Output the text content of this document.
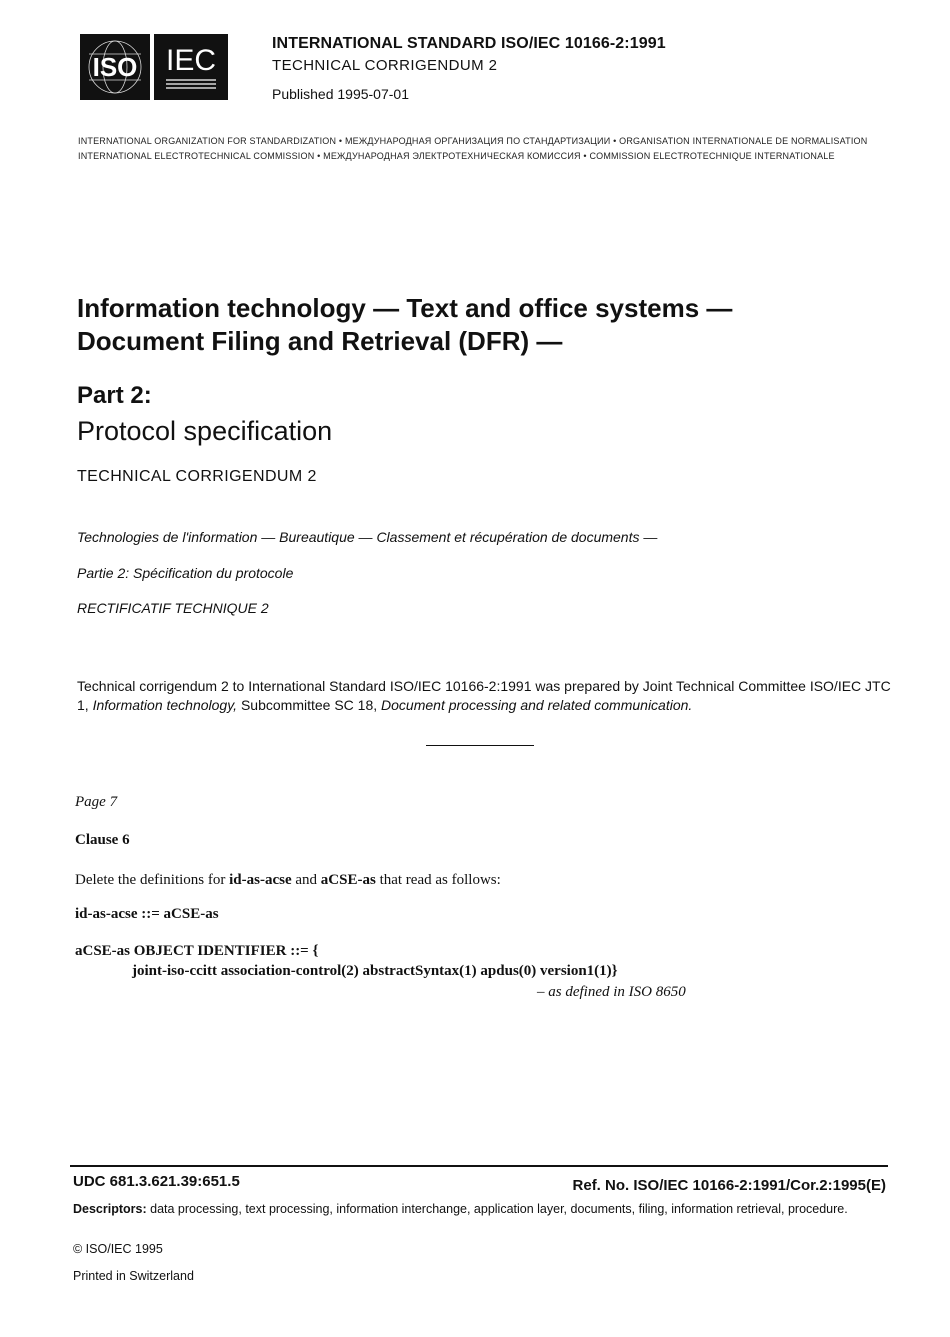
ISO IEC
INTERNATIONAL STANDARD ISO/IEC 10166-2:1991
TECHNICAL CORRIGENDUM 2
Published 1995-07-01
INTERNATIONAL ORGANIZATION FOR STANDARDIZATION • МЕЖДУНАРОДНАЯ ОРГАНИЗАЦИЯ ПО СТАНДАРТИЗАЦИИ • ORGANISATION INTERNATIONALE DE NORMALISATION
INTERNATIONAL ELECTROTECHNICAL COMMISSION • МЕЖДУНАРОДНАЯ ЭЛЕКТРОТЕХНИЧЕСКАЯ КОМИССИЯ • COMMISSION ELECTROTECHNIQUE INTERNATIONALE
Information technology — Text and office systems —
Document Filing and Retrieval (DFR) —
Part 2:
Protocol specification
TECHNICAL CORRIGENDUM 2
Technologies de l'information — Bureautique — Classement et récupération de documents —
Partie 2: Spécification du protocole
RECTIFICATIF TECHNIQUE 2
Technical corrigendum 2 to International Standard ISO/IEC 10166-2:1991 was prepared by Joint Technical Committee ISO/IEC JTC 1, Information technology, Subcommittee SC 18, Document processing and related communication.
Page 7
Clause 6
Delete the definitions for id-as-acse and aCSE-as that read as follows:
id-as-acse ::= aCSE-as
aCSE-as OBJECT IDENTIFIER ::= {
joint-iso-ccitt association-control(2) abstractSyntax(1) apdus(0) version1(1)}
– as defined in ISO 8650
UDC 681.3.621.39:651.5	Ref. No. ISO/IEC 10166-2:1991/Cor.2:1995(E)
Descriptors: data processing, text processing, information interchange, application layer, documents, filing, information retrieval, procedure.
© ISO/IEC 1995
Printed in Switzerland
